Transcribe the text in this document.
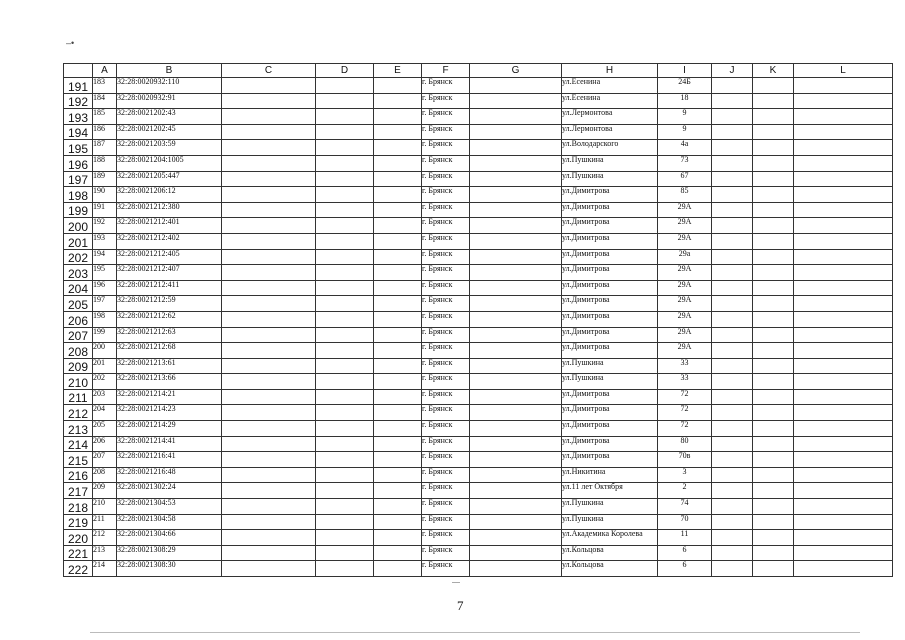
–•
	A	B	C	D	E	F	G	H	I	J	K	L
191	183	32:28:0020932:110				г. Брянск		ул.Есенина	24Б			
192	184	32:28:0020932:91				г. Брянск		ул.Есенина	18			
193	185	32:28:0021202:43				г. Брянск		ул.Лермонтова	9			
194	186	32:28:0021202:45				г. Брянск		ул.Лермонтова	9			
195	187	32:28:0021203:59				г. Брянск		ул.Володарского	4а			
196	188	32:28:0021204:1005				г. Брянск		ул.Пушкина	73			
197	189	32:28:0021205:447				г. Брянск		ул.Пушкина	67			
198	190	32:28:0021206:12				г. Брянск		ул.Димитрова	85			
199	191	32:28:0021212:380				г. Брянск		ул.Димитрова	29А			
200	192	32:28:0021212:401				г. Брянск		ул.Димитрова	29А			
201	193	32:28:0021212:402				г. Брянск		ул.Димитрова	29А			
202	194	32:28:0021212:405				г. Брянск		ул.Димитрова	29а			
203	195	32:28:0021212:407				г. Брянск		ул.Димитрова	29А			
204	196	32:28:0021212:411				г. Брянск		ул.Димитрова	29А			
205	197	32:28:0021212:59				г. Брянск		ул.Димитрова	29А			
206	198	32:28:0021212:62				г. Брянск		ул.Димитрова	29А			
207	199	32:28:0021212:63				г. Брянск		ул.Димитрова	29А			
208	200	32:28:0021212:68				г. Брянск		ул.Димитрова	29А			
209	201	32:28:0021213:61				г. Брянск		ул.Пушкина	33			
210	202	32:28:0021213:66				г. Брянск		ул.Пушкина	33			
211	203	32:28:0021214:21				г. Брянск		ул.Димитрова	72			
212	204	32:28:0021214:23				г. Брянск		ул.Димитрова	72			
213	205	32:28:0021214:29				г. Брянск		ул.Димитрова	72			
214	206	32:28:0021214:41				г. Брянск		ул.Димитрова	80			
215	207	32:28:0021216:41				г. Брянск		ул.Димитрова	70в			
216	208	32:28:0021216:48				г. Брянск		ул.Никитина	3			
217	209	32:28:0021302:24				г. Брянск		ул.11 лет Октября	2			
218	210	32:28:0021304:53				г. Брянск		ул.Пушкина	74			
219	211	32:28:0021304:58				г. Брянск		ул.Пушкина	70			
220	212	32:28:0021304:66				г. Брянск		ул.Академика Королева	11			
221	213	32:28:0021308:29				г. Брянск		ул.Кольцова	6			
222	214	32:28:0021308:30				г. Брянск		ул.Кольцова	6			
7
